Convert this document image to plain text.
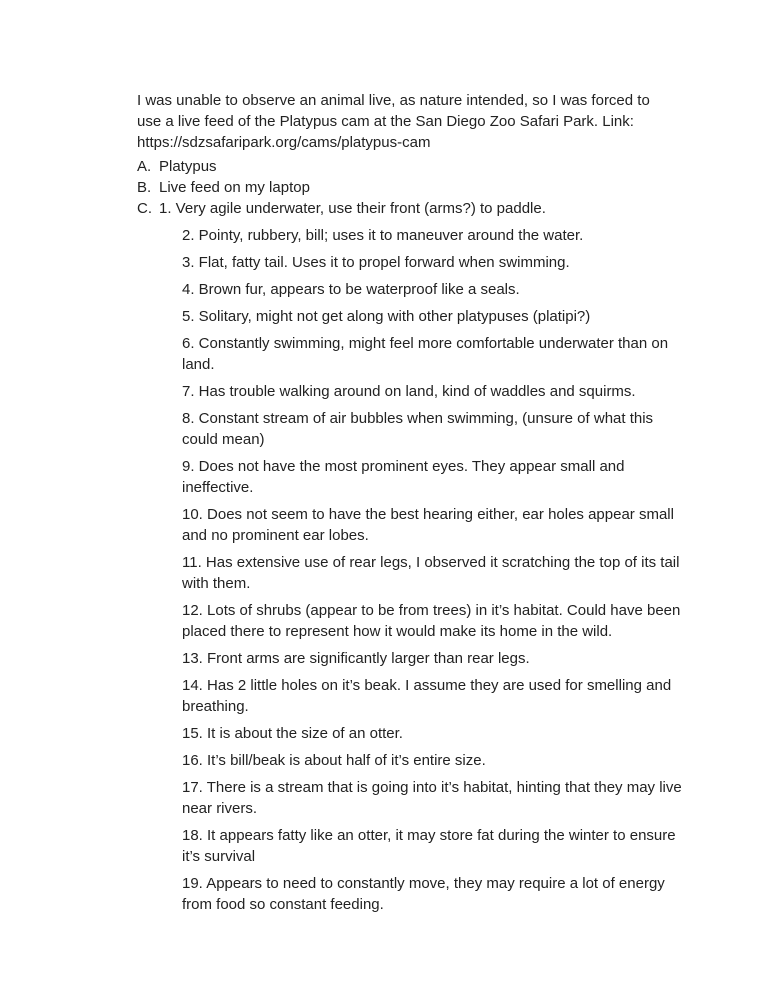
I was unable to observe an animal live, as nature intended, so I was forced to use a live feed of the Platypus cam at the San Diego Zoo Safari Park. Link: https://sdzsafaripark.org/cams/platypus-cam

A. Platypus
B. Live feed on my laptop
C. 1. Very agile underwater, use their front (arms?) to paddle.
2. Pointy, rubbery, bill; uses it to maneuver around the water.
3. Flat, fatty tail. Uses it to propel forward when swimming.
4. Brown fur, appears to be waterproof like a seals.
5. Solitary, might not get along with other platypuses (platipi?)
6. Constantly swimming, might feel more comfortable underwater than on land.
7. Has trouble walking around on land, kind of waddles and squirms.
8. Constant stream of air bubbles when swimming, (unsure of what this could mean)
9. Does not have the most prominent eyes. They appear small and ineffective.
10. Does not seem to have the best hearing either, ear holes appear small and no prominent ear lobes.
11. Has extensive use of rear legs, I observed it scratching the top of its tail with them.
12. Lots of shrubs (appear to be from trees) in it’s habitat. Could have been placed there to represent how it would make its home in the wild.
13. Front arms are significantly larger than rear legs.
14. Has 2 little holes on it’s beak. I assume they are used for smelling and breathing.
15. It is about the size of an otter.
16. It’s bill/beak is about half of it’s entire size.
17. There is a stream that is going into it’s habitat, hinting that they may live near rivers.
18. It appears fatty like an otter, it may store fat during the winter to ensure it’s survival
19. Appears to need to constantly move, they may require a lot of energy from food so constant feeding.
